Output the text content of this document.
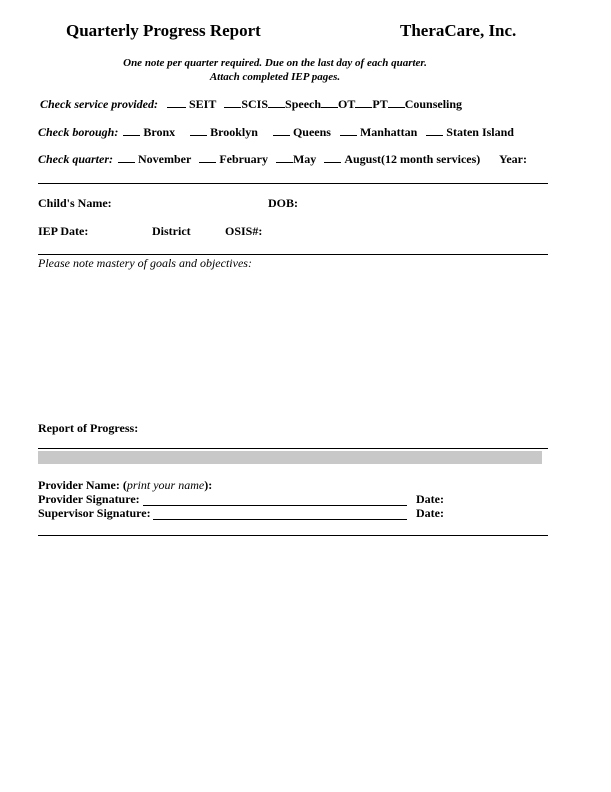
Quarterly Progress Report	TheraCare, Inc.
One note per quarter required. Due on the last day of each quarter.
Attach completed IEP pages.
Check service provided:	SEIT SCIS Speech OT PT Counseling
Check borough: Bronx	Brooklyn	Queens Manhattan Staten Island
Check quarter: November February May August(12 month services) Year:
Child's Name:	DOB:
IEP Date:	District	OSIS#:
Please note mastery of goals and objectives:
Report of Progress:
Provider Name: (print your name):
Provider Signature:	Date:
Supervisor Signature:	Date:
